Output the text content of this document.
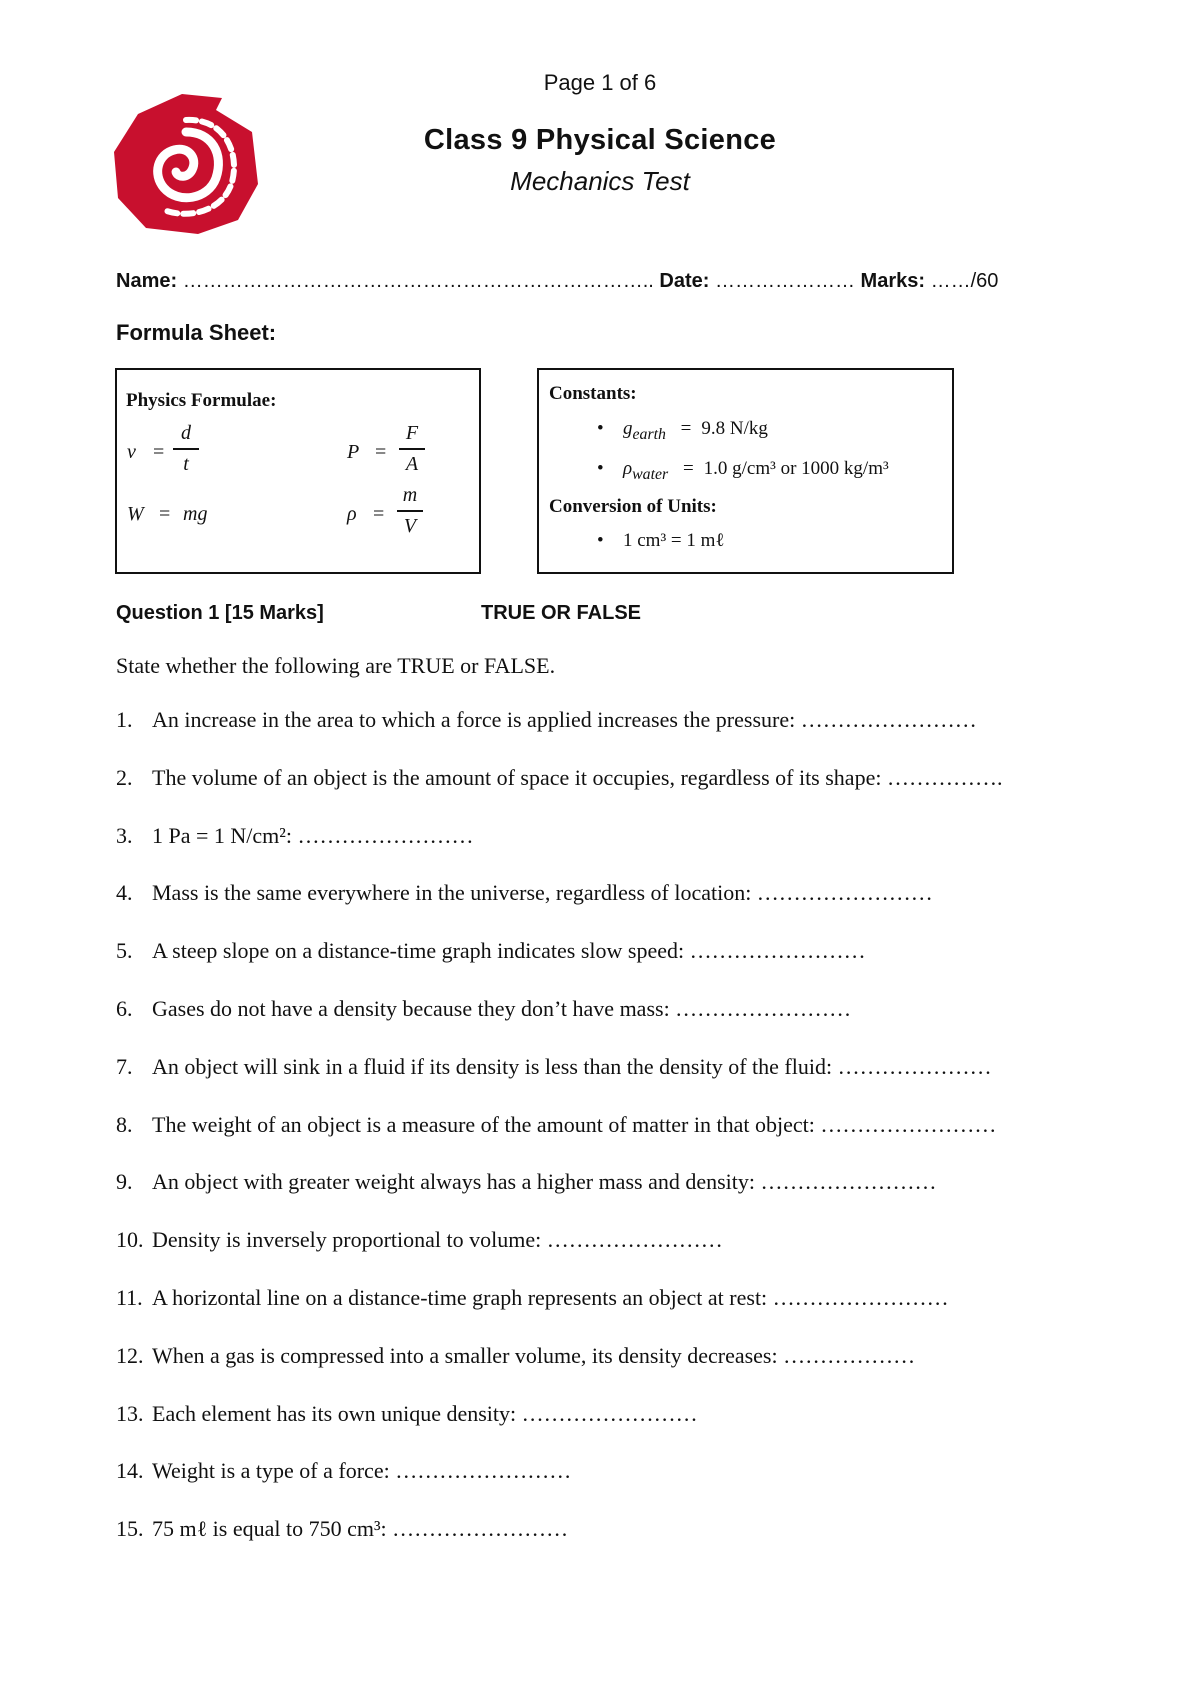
Page 1 of 6
Class 9 Physical Science
Mechanics Test
Name: …………………………………………………………….. Date: ………………… Marks: ……/60
Formula Sheet:
Physics Formulae:
v =
d
t
P =
F
A
W = mg	ρ =
m
V
Constants:
• $g_{earth} = 9.8$ N/kg
• $\rho_{water} = 1.0$ g/cm³ or 1000 kg/m³
Conversion of Units:
• 1 cm³ = 1 mℓ
Question 1 [15 Marks]	TRUE OR FALSE
State whether the following are TRUE or FALSE.
1. An increase in the area to which a force is applied increases the pressure: ……………………
2. The volume of an object is the amount of space it occupies, regardless of its shape: …………….
3. 1 Pa = 1 N/cm²: ……………………
4. Mass is the same everywhere in the universe, regardless of location: ……………………
5. A steep slope on a distance-time graph indicates slow speed: ……………………
6. Gases do not have a density because they don’t have mass: ……………………
7. An object will sink in a fluid if its density is less than the density of the fluid: …………………
8. The weight of an object is a measure of the amount of matter in that object: ……………………
9. An object with greater weight always has a higher mass and density: ……………………
10. Density is inversely proportional to volume: ……………………
11. A horizontal line on a distance-time graph represents an object at rest: ……………………
12. When a gas is compressed into a smaller volume, its density decreases: ………………
13. Each element has its own unique density: ……………………
14. Weight is a type of a force: ……………………
15. 75 mℓ is equal to 750 cm³: ……………………
